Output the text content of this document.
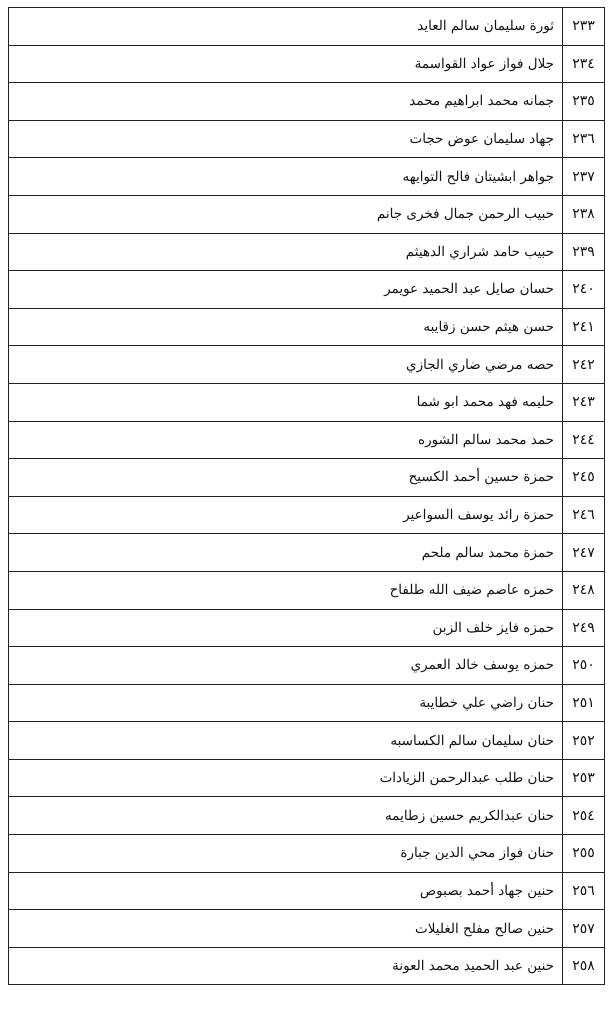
٢٣٣	ثورة سليمان سالم العايد
٢٣٤	جلال فواز عواد القواسمة
٢٣٥	جمانه محمد ابراهيم محمد
٢٣٦	جهاد سليمان عوض حجات
٢٣٧	جواهر ابشيتان فالح التوايهه
٢٣٨	حبيب الرحمن جمال فخرى جانم
٢٣٩	حبيب حامد شراري الدهيثم
٢٤٠	حسان صايل عبد الحميد عويمر
٢٤١	حسن هيثم حسن زقايبه
٢٤٢	حصه مرضي ضاري الجازي
٢٤٣	حليمه فهد محمد ابو شما
٢٤٤	حمد محمد سالم الشوره
٢٤٥	حمزة حسين أحمد الكسيح
٢٤٦	حمزة رائد يوسف السواعير
٢٤٧	حمزة محمد سالم ملحم
٢٤٨	حمزه عاصم ضيف الله طلفاح
٢٤٩	حمزه فايز خلف الزبن
٢٥٠	حمزه يوسف خالد العمري
٢٥١	حنان راضي علي خطايبة
٢٥٢	حنان سليمان سالم الكساسبه
٢٥٣	حنان طلب عبدالرحمن الزيادات
٢٥٤	حنان عبدالكريم حسين زطايمه
٢٥٥	حنان فواز محي الدين جبارة
٢٥٦	حنين جهاد أحمد بصبوص
٢٥٧	حنين صالح مفلح الغليلات
٢٥٨	حنين عبد الحميد محمد العونة
